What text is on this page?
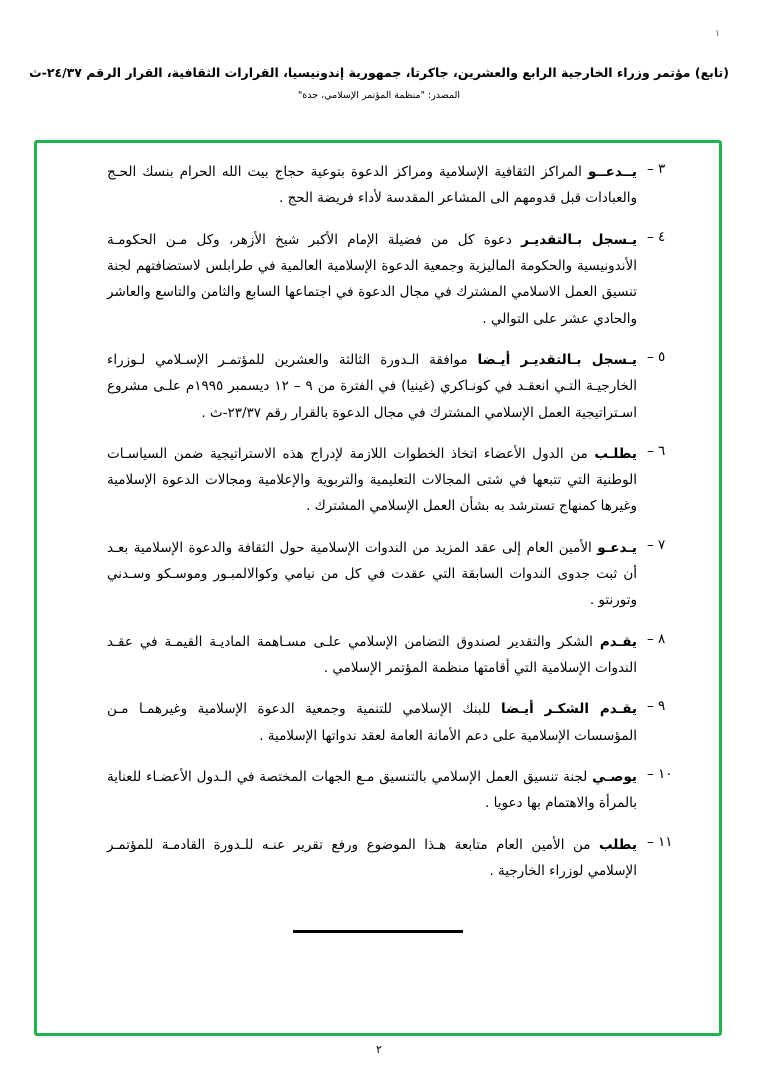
١
(تابع) مؤتمر وزراء الخارجية الرابع والعشرين، جاكرتا، جمهورية إندونيسيا، القرارات الثقافية، القرار الرقم ٢٤/٣٧-ث
المصدر: "منظمة المؤتمر الإسلامي، جدة"
٣ –
يــدعــو المراكز الثقافية الإسلامية ومراكز الدعوة بتوعية حجاج بيت الله الحرام بنسك الحـج والعبادات قبل قدومهم الى المشاعر المقدسة لأداء فريضة الحج .
٤ –
يـسجل بـالتقديـر دعوة كل من فضيلة الإمام الأكبر شيخ الأزهر، وكل مـن الحكومـة الأندونيسية والحكومة الماليزية وجمعية الدعوة الإسلامية العالمية في طرابلس لاستضافتهم لجنة تنسيق العمل الاسلامي المشترك في مجال الدعوة في اجتماعها السابع والثامن والتاسع والعاشر والحادي عشر على التوالي .
٥ –
يـسجل بـالتقديـر أيـضا موافقة الـدورة الثالثة والعشرين للمؤتمـر الإسـلامي لـوزراء الخارجيـة التـي انعقـد في كونـاكري (غينيا) في الفترة من ٩ – ١٢ ديسمبر ١٩٩٥م علـى مشروع اسـتراتيجية العمل الإسلامي المشترك في مجال الدعوة بالقرار رقم ٢٣/٣٧-ث .
٦ –
يطلـب من الدول الأعضاء اتخاذ الخطوات اللازمة لإدراج هذه الاستراتيجية ضمن السياسـات الوطنية التي تتبعها في شتى المجالات التعليمية والتربوية والإعلامية ومجالات الدعوة الإسلامية وغيرها كمنهاج تسترشد به بشأن العمل الإسلامي المشترك .
٧ –
يـدعـو الأمين العام إلى عقد المزيد من الندوات الإسلامية حول الثقافة والدعوة الإسلامية بعـد أن ثبت جدوى الندوات السابقة التي عقدت في كل من نيامي وكوالالمبـور وموسـكو وسـدني وتورنتو .
٨ –
يقـدم الشكر والتقدير لصندوق التضامن الإسلامي علـى مسـاهمة الماديـة القيمـة في عقـد الندوات الإسلامية التي أقامتها منظمة المؤتمر الإسلامي .
٩ –
يقـدم الشكـر أيـضا للبنك الإسلامي للتنمية وجمعية الدعوة الإسلامية وغيرهمـا مـن المؤسسات الإسلامية على دعم الأمانة العامة لعقد ندواتها الإسلامية .
١٠ –
يوصـي لجنة تنسيق العمل الإسلامي بالتنسيق مـع الجهات المختصة في الـدول الأعضـاء للعناية بالمرأة والاهتمام بها دعويا .
١١ –
يطلب من الأمين العام متابعة هـذا الموضوع ورفع تقرير عنـه للـدورة القادمـة للمؤتمـر الإسلامي لوزراء الخارجية .
٢
